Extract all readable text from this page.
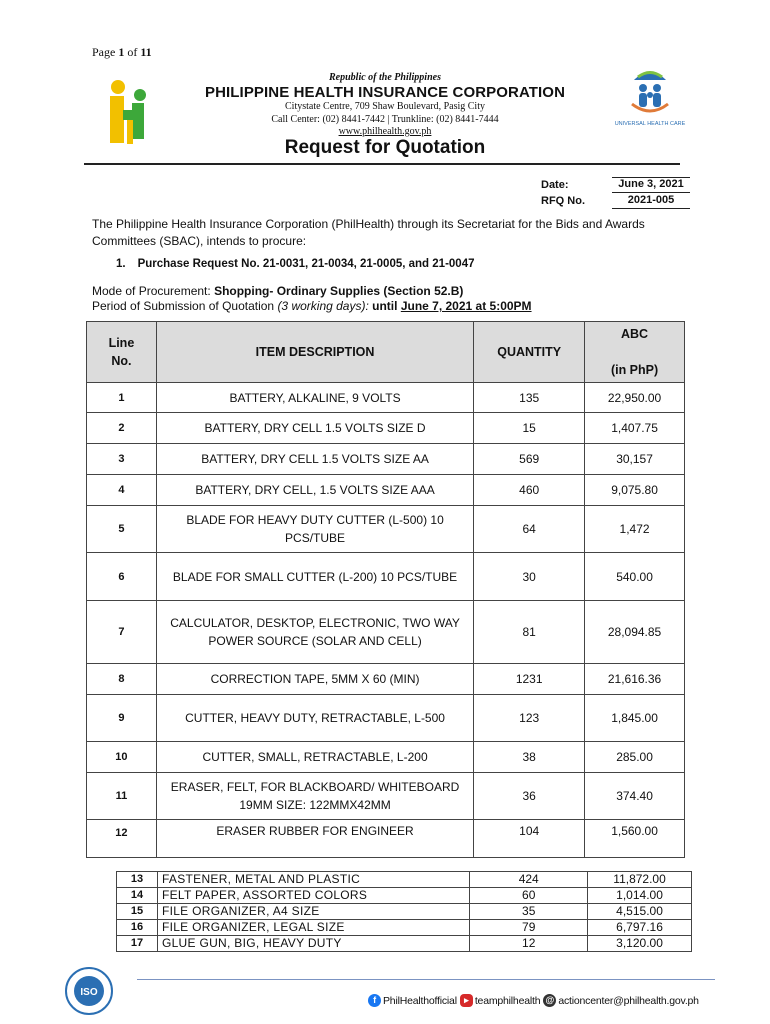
Page 1 of 11
Republic of the Philippines
PHILIPPINE HEALTH INSURANCE CORPORATION
Citystate Centre, 709 Shaw Boulevard, Pasig City
Call Center: (02) 8441-7442 | Trunkline: (02) 8441-7444
www.philhealth.gov.ph
UNIVERSAL HEALTH CARE
Request for Quotation
Date:	June 3, 2021
RFQ No.	2021-005
The Philippine Health Insurance Corporation (PhilHealth) through its Secretariat for the Bids and Awards Committees (SBAC), intends to procure:
1. Purchase Request No. 21-0031, 21-0034, 21-0005, and 21-0047
Mode of Procurement: Shopping- Ordinary Supplies (Section 52.B)
Period of Submission of Quotation (3 working days): until June 7, 2021 at 5:00PM
Line
No.	ITEM DESCRIPTION	QUANTITY	ABC

(in PhP)
1	BATTERY, ALKALINE, 9 VOLTS	135	22,950.00
2	BATTERY, DRY CELL 1.5 VOLTS SIZE D	15	1,407.75
3	BATTERY, DRY CELL 1.5 VOLTS SIZE AA	569	30,157
4	BATTERY, DRY CELL, 1.5 VOLTS SIZE AAA	460	9,075.80
5	BLADE FOR HEAVY DUTY CUTTER (L-500) 10 PCS/TUBE	64	1,472
6	BLADE FOR SMALL CUTTER (L-200) 10 PCS/TUBE	30	540.00
7	CALCULATOR, DESKTOP, ELECTRONIC, TWO WAY POWER SOURCE (SOLAR AND CELL)	81	28,094.85
8	CORRECTION TAPE, 5MM X 60 (MIN)	1231	21,616.36
9	CUTTER, HEAVY DUTY, RETRACTABLE, L-500	123	1,845.00
10	CUTTER, SMALL, RETRACTABLE, L-200	38	285.00
11	ERASER, FELT, FOR BLACKBOARD/ WHITEBOARD 19MM SIZE: 122MMX42MM	36	374.40
12	ERASER RUBBER FOR ENGINEER	104	1,560.00
13	FASTENER, METAL AND PLASTIC	424	11,872.00
14	FELT PAPER, ASSORTED COLORS	60	1,014.00
15	FILE ORGANIZER, A4 SIZE	35	4,515.00
16	FILE ORGANIZER, LEGAL SIZE	79	6,797.16
17	GLUE GUN, BIG, HEAVY DUTY	12	3,120.00
ISO
f PhilHealthofficial ▸ teamphilhealth @ actioncenter@philhealth.gov.ph
